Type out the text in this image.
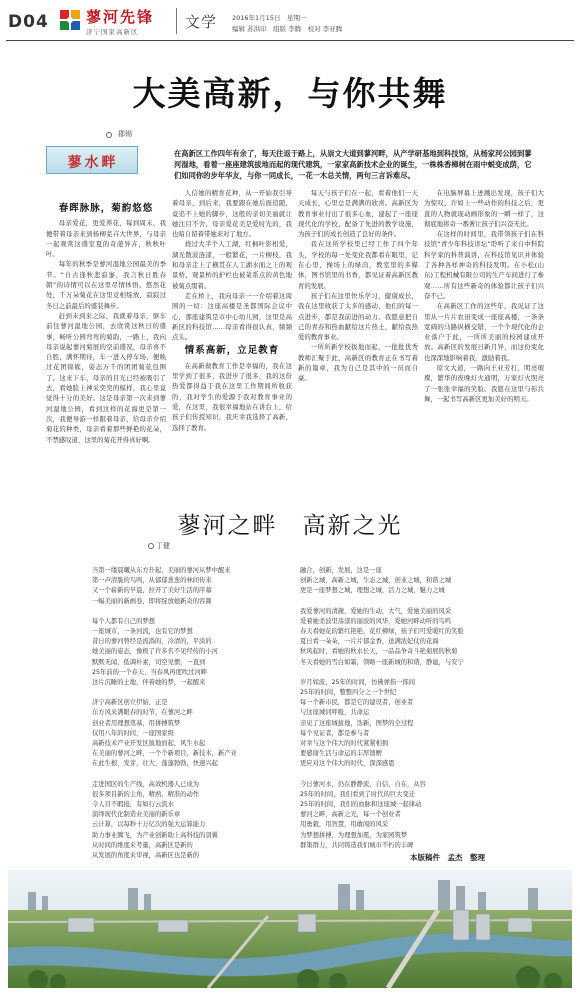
D04 蓼河先锋
济宁国家高新区
文学 2016年1月15日　星期一
编辑 苏洪印　组版 李腾　校对 李亚腾
大美高新，与你共舞
郡锡
蓼水畔
在高新区工作四年有余了，每天往返于路上，从崇文大道到蓼河畔，从产学研基地到科技馆，从杨家河公园到蓼河湿地，看着一座座建筑拔地而起的现代建筑，一家家高新技术企业的诞生，一株株香樟树在雨中蜕变成荫，它们如同你的步年华友，与你一同成长，一花一木总关情，两句三言诉难尽。
春晖脉脉，菊韵悠悠

母亲爱花，更爱养花，每到周末，我便带着母亲来到杨柳芜卉大世界，与母亲一起观赏这盛室夏的奇葩异卉，秋秋叶叶。

每年的秋季是蓼河湿地公园最美的季节。“自古逢秋悲寂寥，我言秋日胜春朝”的诗情可以在这里尽情体悟。悠然花处，千万朵菊花在这里竞相绽放，寂寂过冬日之前最后的盛装舞步。

赶到末到来之际，我就着母亲，驱车前往蓼河湿地公园，去欣赏这秋日的盛事，畅听公园弯弯的菊韵，一路上，我向母亲说起蓼河菊展的空前盛况，母亲喜不自胜，满怀期待，车一进入停车场，便映过花团锦簇，姿态万千的团团菊花包围了。这来下车，母亲的目光已经被吸引了去，看她脸上神采奕奕的模样，我心里竟觉得十分的美好。这是母亲第一次来到蓼河湿地公园，看到这样的花海更是第一次，我便导游一样跟着母亲，给母亲介绍菊花的种类，母亲看着那些鲜艳的花朵，不禁感叹道，这里的菊花开得真好啊。

人信她的精育花种，从一开始我引导着母亲，到后来，我要跟在她后面追随，竟追不上她的脚步，这般的亲切美丽就让她注目不舍，母亲爱花美是爱时光的，我也暗自留着带她来对了地方。

烧过大半个人工湖，红枫叶影相爱，湖光散波涟漾，一般繁花，一片柳枝，我和母亲走上了横贯在人工湖水面之上的观景桥，观景桥的护栏也被菜系点的黄色地被菊点缀着。

走在桥上，我向母亲一一介绍着这周围的一切：这座高楼是圣都国际会议中心，那座建筑是市中心幼儿园，这里是高新区的科技馆……母亲看得很认真，频频点头。

情系高新，立足教育

在高新做教育工作是幸福的，我在这里学到了很多，我进步了很多，我的这份热爱都得益于我在这里工作期间所收获的，我对学生的爱源于我对教育事业的爱，在这里，我很幸福地站在讲台上，给孩子们传授知识，我庆幸我选择了高新，选择了教育。

每天与孩子们在一起，看着他们一天天成长，心里总是满满的欣喜。高新区为教育事业付出了很多心血，建起了一座座现代化的学校，配备了先进的教学设施，为孩子们的成长创造了良好的条件。

我在这所学校里已经工作了四个年头，学校的每一处变化我都看在眼里，记在心里，操场上的绿茵，教室里的多媒体，图书馆里的书香，都见证着高新区教育的发展。

孩子们在这里快乐学习，健康成长，我在这里收获了太多的感动，他们的每一点进步，都是我前进的动力。我愿意把自己的青春和热血献给这片热土，献给我热爱的教育事业。

一所所新学校拔地而起，一批批优秀教师汇聚于此，高新区的教育正在书写着新的篇章，我为自己是其中的一员而自豪。

在电脑屏幕上迸溅出发现，孩子们大为惊叹，许如上一些动作的科技之后，更直的人物就现动画形象的一瞬一样了，这彻底地将奇一番著让孩子们兴奋无比。

在这样的时间里，我带领孩子们在科技馆“青少年科技讲坛”聆听了来自中科院科学家的科普演讲，在科技馆见识并体验了各种各样神奇的科技发明。在小松(山东)工程机械有限公司的生产车间进行了参观……所有这些新奇的体验都让孩子们兴奋不已。

在高新区工作的这些年，我见证了这里从一片片农田变成一座座高楼，一条条宽阔的马路纵横交错，一个个现代化的企业落户于此，一所所美丽的校园建成开放。高新区的发展日新月异，而这份变化也深深地影响着我，激励着我。

原文大道，一路向王亚芳打，明亮璀璨，繁华的夜晚灯火通明，万家灯火照亮了一张张幸福的笑脸。我愿在这里与你共舞，一起书写高新区更加美好的明天。

蓼河之畔　高新之光
丁健
当第一缕晨曦从东方升起，美丽的蓼河从梦中醒来
第一声清脆的鸟鸣，从郁郁葱葱的林间传来
又一个崭新的早晨，拉开了美好生活的序幕
一幅美丽的新画卷，即将绽放她新奇的容颜
每个人都有自己的梦想
一座城市，一条河流，也有它的梦想
昔日的蓼河曾经是流淌的，冷清的，平淡的
她美丽的姿态，像极了许多名不见经传的小河
默默无闻，低调朴素，司空见惯，一直到
25年前的一个春天，当春风再度吹过河畔
这片沉睡的土地，伴着她的梦，一起醒来
济宁高新区创立伊始，正是
东方风来满眼春的时节，在蓼河之畔
创业者用理想奠基，用拼搏筑梦
仅用八年的时间，一座国家级
高新技术产业开发区拔地而起，风生水起
在美丽的蓼河之畔，一个个新项目，新技术，新产业
在此生根，发芽，壮大，蓬蓬勃勃，快速兴起
走进国区的生产线，高效机器人已成为
很多项目新的主角，精熟，精准的动作
令人目不暇接，有如行云流水
演绎现代化制造业美丽的新乐章
云计算，以每秒十万亿次的强大运算能力
助力事业腾飞，为产业创新助上高科技的羽翼
从时间的维度来考量，高新区是新的
从发展的角度来审视，高新区也是新的
融合，创新，发展，这是一座
创新之城，高新之城，生态之城，创业之城，和谐之城
更是一座梦想之城，理想之城，活力之城，魅力之城
我爱蓼河的清澈，爱她的生动，大气，爱她美丽的风采
爱着她柔波里荡漾的丽波的风华，爱她河畔动听的鸟鸣
春天看她花的繁红艳艳，花红柳绿，孩子们可爱暖红的笑脸
夏日看一朵朵，一片片郁金香，送满浓妃仗的花海
秋风起时，看她的秋水长天，一品品争奇斗艳菊展的秋菊
冬天看她的雪白如霜，领略一座新城的和谐，静谧，与安宁
岁月如流，25年的时间，仿佛弹指一挥间
25年的时间，整整四分之一个世纪
每一个新市民，都是它的建设者，创业者
与这座城同呼吸，共命运
亲见了这座城拔地，迭新，图梦的全过程
每个见证者，都是参与者
对幸与这个伟大的时代紧紧相拥
要感谢生活与命运的丰厚馈赠
更应对这个伟大的时代，深深感恩
今日蓼河水，仍在静静流，自信，自在，从容
25年的时间，我们看到了时代的巨大变迁
25年的时间，我们的血脉和这座城一起律动
蓼河之畔，高新之光，每一个创业者
用勇毅，用智慧，用敢闯的风采
为梦想拼搏，为理想加冕，为家园筑梦
群策群力，共同铸造我们城市不朽的丰碑
本版稿件　孟杰　整理
